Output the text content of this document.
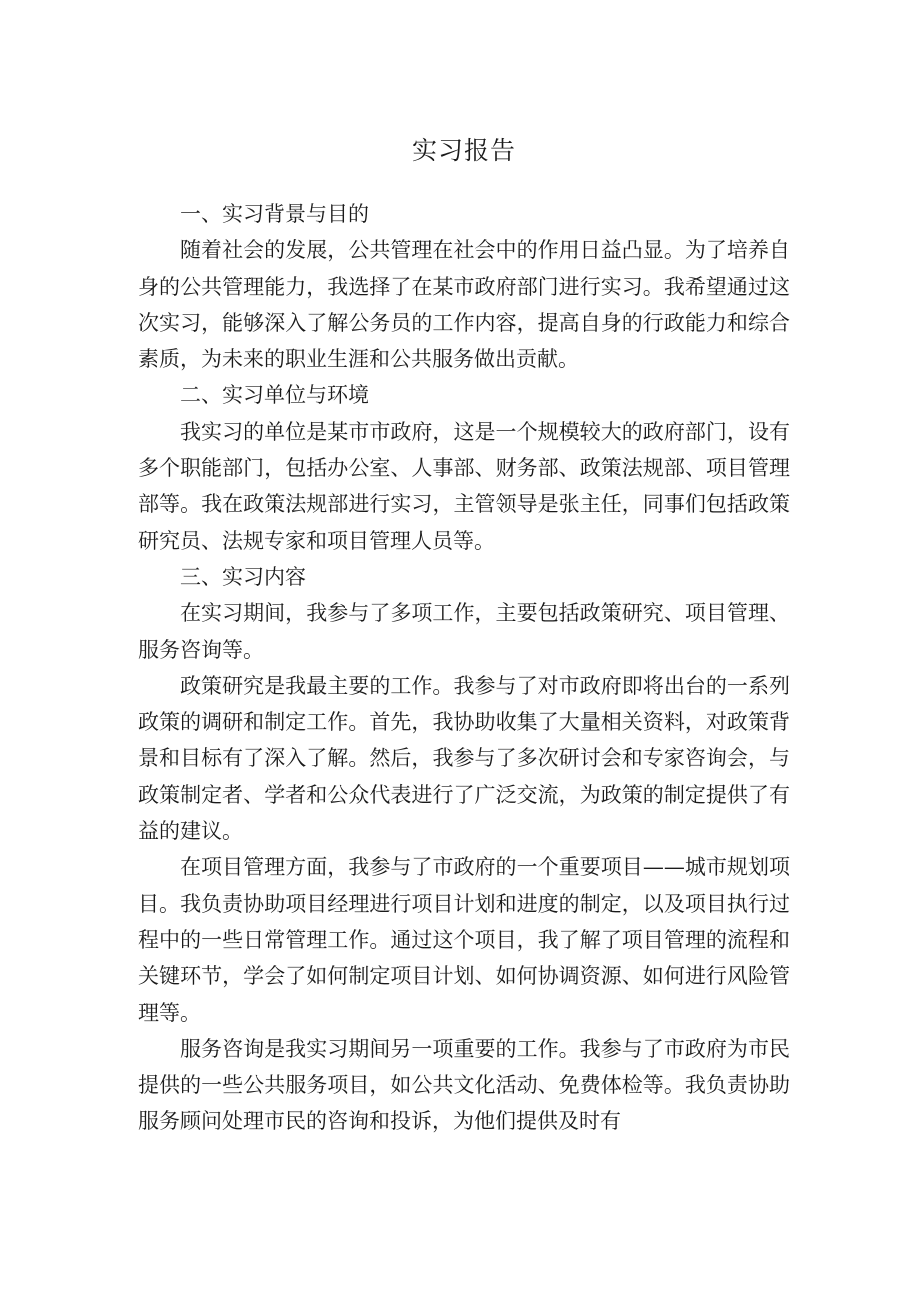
实习报告

一、实习背景与目的

随着社会的发展，公共管理在社会中的作用日益凸显。为了培养自身的公共管理能力，我选择了在某市政府部门进行实习。我希望通过这次实习，能够深入了解公务员的工作内容，提高自身的行政能力和综合素质，为未来的职业生涯和公共服务做出贡献。

二、实习单位与环境

我实习的单位是某市市政府，这是一个规模较大的政府部门，设有多个职能部门，包括办公室、人事部、财务部、政策法规部、项目管理部等。我在政策法规部进行实习，主管领导是张主任，同事们包括政策研究员、法规专家和项目管理人员等。

三、实习内容

在实习期间，我参与了多项工作，主要包括政策研究、项目管理、服务咨询等。

政策研究是我最主要的工作。我参与了对市政府即将出台的一系列政策的调研和制定工作。首先，我协助收集了大量相关资料，对政策背景和目标有了深入了解。然后，我参与了多次研讨会和专家咨询会，与政策制定者、学者和公众代表进行了广泛交流，为政策的制定提供了有益的建议。

在项目管理方面，我参与了市政府的一个重要项目——城市规划项目。我负责协助项目经理进行项目计划和进度的制定，以及项目执行过程中的一些日常管理工作。通过这个项目，我了解了项目管理的流程和关键环节，学会了如何制定项目计划、如何协调资源、如何进行风险管理等。

服务咨询是我实习期间另一项重要的工作。我参与了市政府为市民提供的一些公共服务项目，如公共文化活动、免费体检等。我负责协助服务顾问处理市民的咨询和投诉，为他们提供及时有
